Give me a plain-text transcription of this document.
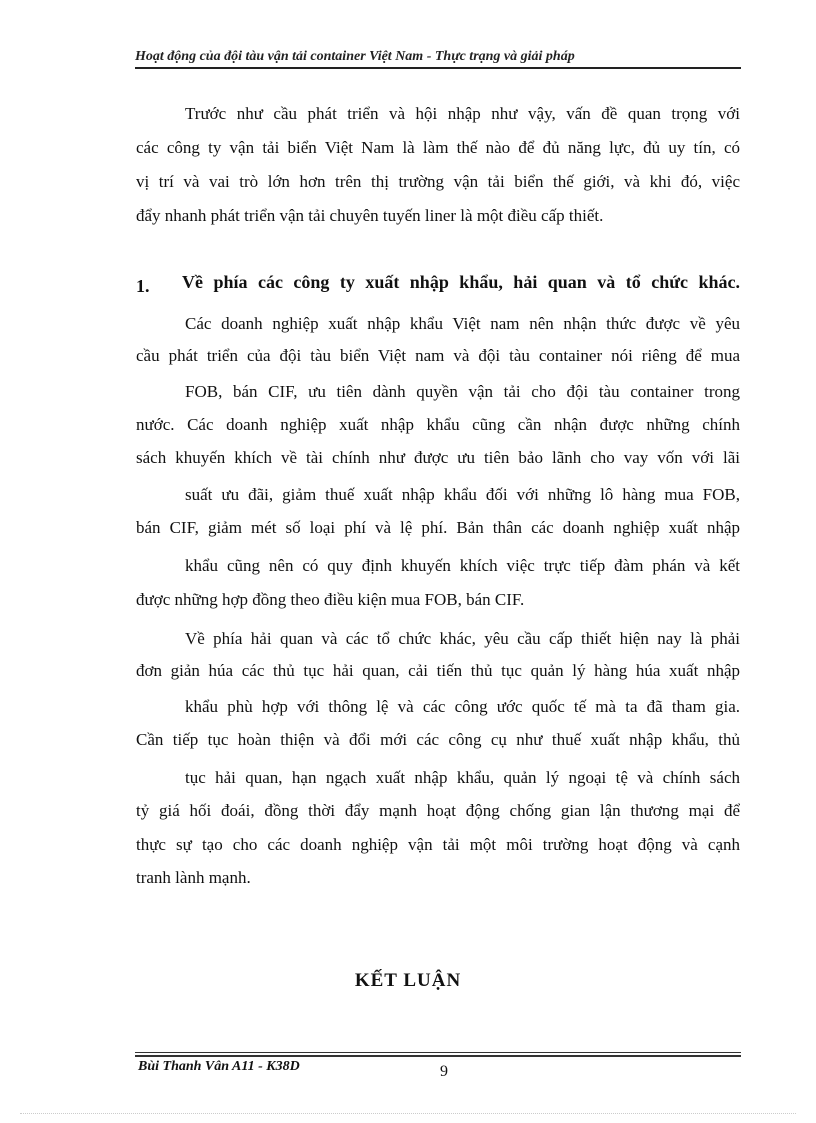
Hoạt động của đội tàu vận tải container Việt Nam - Thực trạng và giải pháp
Trước như cầu phát triển và hội nhập như vậy, vấn đề quan trọng với
các công ty vận tải biển Việt Nam là làm thế nào để đủ năng lực, đủ uy tín, có
vị trí và vai trò lớn hơn trên thị trường vận tải biển thế giới, và khi đó, việc
đẩy nhanh phát triển vận tải chuyên tuyến liner là một điều cấp thiết.
1. Về phía các công ty xuất nhập khẩu, hải quan và tổ chức khác.
Các doanh nghiệp xuất nhập khẩu Việt nam nên nhận thức được về yêu
cầu phát triển của đội tàu biển Việt nam và đội tàu container nói riêng để mua
FOB, bán CIF, ưu tiên dành quyền vận tải cho đội tàu container trong
nước. Các doanh nghiệp xuất nhập khẩu cũng cần nhận được những chính
sách khuyến khích về tài chính như được ưu tiên bảo lãnh cho vay vốn với lãi
suất ưu đãi, giảm thuế xuất nhập khẩu đối với những lô hàng mua FOB,
bán CIF, giảm mét số loại phí và lệ phí. Bản thân các doanh nghiệp xuất nhập
khẩu cũng nên có quy định khuyến khích việc trực tiếp đàm phán và kết
được những hợp đồng theo điều kiện mua FOB, bán CIF.
Về phía hải quan và các tổ chức khác, yêu cầu cấp thiết hiện nay là phải
đơn giản húa các thủ tục hải quan, cải tiến thủ tục quản lý hàng húa xuất nhập
khẩu phù hợp với thông lệ và các công ước quốc tế mà ta đã tham gia.
Cần tiếp tục hoàn thiện và đổi mới các công cụ như thuế xuất nhập khẩu, thủ
tục hải quan, hạn ngạch xuất nhập khẩu, quản lý ngoại tệ và chính sách
tỷ giá hối đoái, đồng thời đẩy mạnh hoạt động chống gian lận thương mại để
thực sự tạo cho các doanh nghiệp vận tải một môi trường hoạt động và cạnh
tranh lành mạnh.
KẾT LUẬN
Bùi Thanh Vân A11 - K38D	9
